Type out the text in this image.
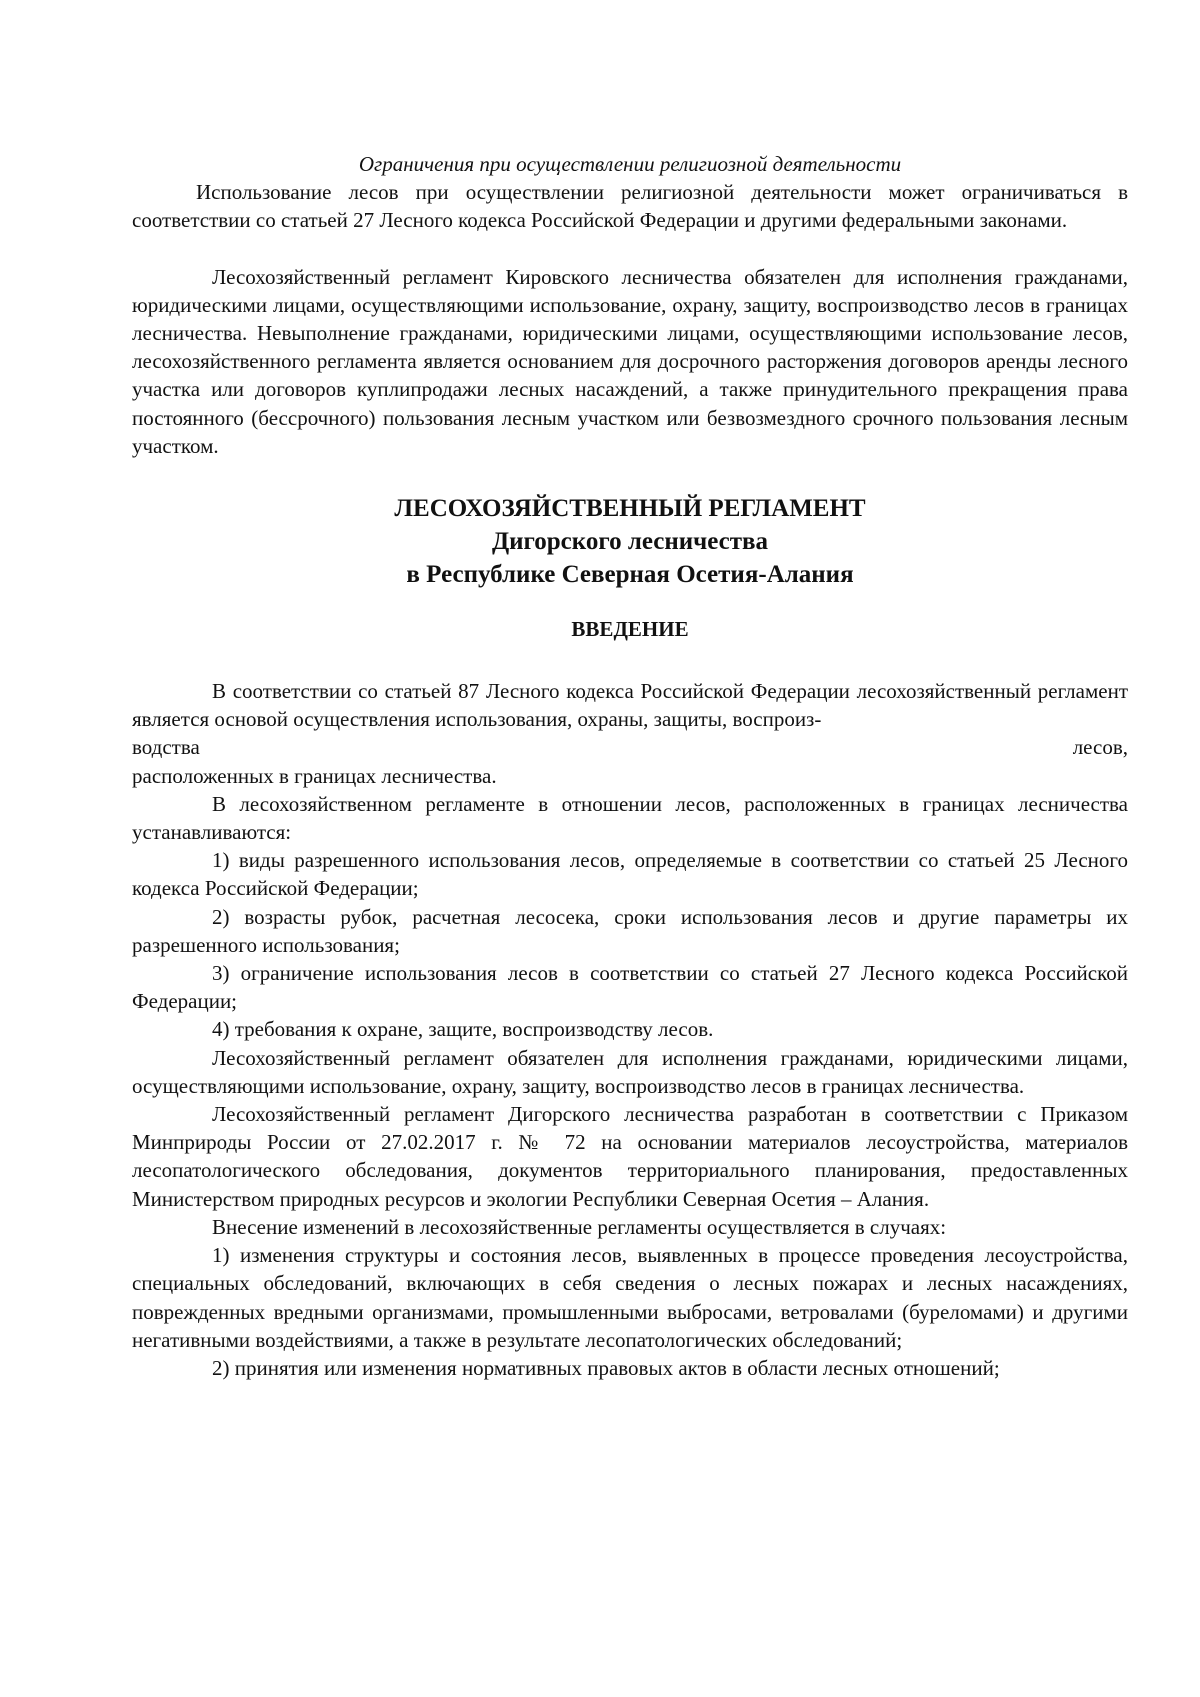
Ограничения при осуществлении религиозной деятельности

Использование лесов при осуществлении религиозной деятельности может ограничиваться в соответствии со статьей 27 Лесного кодекса Российской Федерации и другими федеральными законами.

Лесохозяйственный регламент Кировского лесничества обязателен для исполнения гражданами, юридическими лицами, осуществляющими использование, охрану, защиту, воспроизводство лесов в границах лесничества. Невыполнение гражданами, юридическими лицами, осуществляющими использование лесов, лесохозяйственного регламента является основанием для досрочного расторжения договоров аренды лесного участка или договоров куплипродажи лесных насаждений, а также принудительного прекращения права постоянного (бессрочного) пользования лесным участком или безвозмездного срочного пользования лесным участком.

ЛЕСОХОЗЯЙСТВЕННЫЙ РЕГЛАМЕНТ

Дигорского лесничества

в Республике Северная Осетия-Алания

ВВЕДЕНИЕ

В соответствии со статьей 87 Лесного кодекса Российской Федерации лесохозяйственный регламент является основой осуществления использования, охраны, защиты, воспроиз-

водства	лесов,

расположенных в границах лесничества.

В лесохозяйственном регламенте в отношении лесов, расположенных в границах лесничества устанавливаются:

1) виды разрешенного использования лесов, определяемые в соответствии со статьей 25 Лесного кодекса Российской Федерации;

2) возрасты рубок, расчетная лесосека, сроки использования лесов и другие параметры их разрешенного использования;

3) ограничение использования лесов в соответствии со статьей 27 Лесного кодекса Российской Федерации;

4) требования к охране, защите, воспроизводству лесов.

Лесохозяйственный регламент обязателен для исполнения гражданами, юридическими лицами, осуществляющими использование, охрану, защиту, воспроизводство лесов в границах лесничества.

Лесохозяйственный регламент Дигорского лесничества разработан в соответствии с Приказом Минприроды России от 27.02.2017 г. № 72 на основании материалов лесоустройства, материалов лесопатологического обследования, документов территориального планирования, предоставленных Министерством природных ресурсов и экологии Республики Северная Осетия – Алания.

Внесение изменений в лесохозяйственные регламенты осуществляется в случаях:

1) изменения структуры и состояния лесов, выявленных в процессе проведения лесоустройства, специальных обследований, включающих в себя сведения о лесных пожарах и лесных насаждениях, поврежденных вредными организмами, промышленными выбросами, ветровалами (буреломами) и другими негативными воздействиями, а также в результате лесопатологических обследований;

2) принятия или изменения нормативных правовых актов в области лесных отношений;
